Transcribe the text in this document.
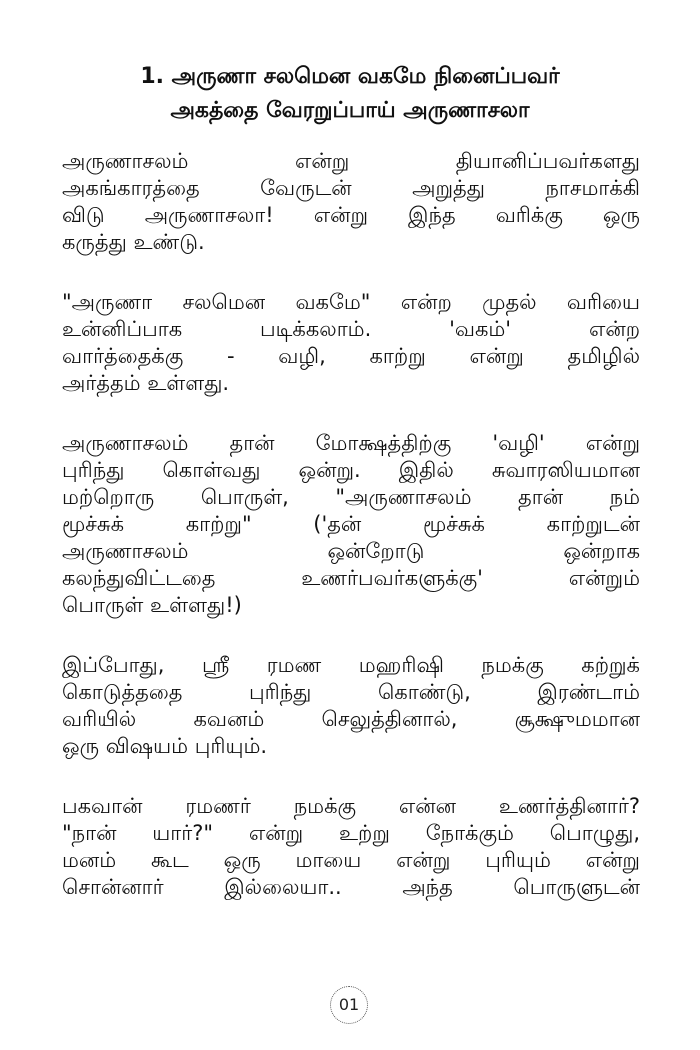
1. அருணா சலமென வகமே நினைப்பவர்
அகத்தை வேரறுப்பாய் அருணாசலா
அருணாசலம் என்று தியானிப்பவர்களது
அகங்காரத்தை வேருடன் அறுத்து நாசமாக்கி
விடு அருணாசலா! என்று இந்த வரிக்கு ஒரு
கருத்து உண்டு.
"அருணா சலமென வகமே" என்ற முதல் வரியை
உன்னிப்பாக படிக்கலாம். 'வகம்' என்ற
வார்த்தைக்கு - வழி, காற்று என்று தமிழில்
அர்த்தம் உள்ளது.
அருணாசலம் தான் மோக்ஷத்திற்கு 'வழி' என்று
புரிந்து கொள்வது ஒன்று. இதில் சுவாரஸியமான
மற்றொரு பொருள், "அருணாசலம் தான் நம்
மூச்சுக் காற்று" ('தன் மூச்சுக் காற்றுடன்
அருணாசலம் ஒன்றோடு ஒன்றாக
கலந்துவிட்டதை உணர்பவர்களுக்கு' என்றும்
பொருள் உள்ளது!)
இப்போது, ஸ்ரீ ரமண மஹரிஷி நமக்கு கற்றுக்
கொடுத்ததை புரிந்து கொண்டு, இரண்டாம்
வரியில் கவனம் செலுத்தினால், சூக்ஷுமமான
ஒரு விஷயம் புரியும்.
பகவான் ரமணர் நமக்கு என்ன உணர்த்தினார்?
"நான் யார்?" என்று உற்று நோக்கும் பொழுது,
மனம் கூட ஒரு மாயை என்று புரியும் என்று
சொன்னார் இல்லையா.. அந்த பொருளுடன்
01
